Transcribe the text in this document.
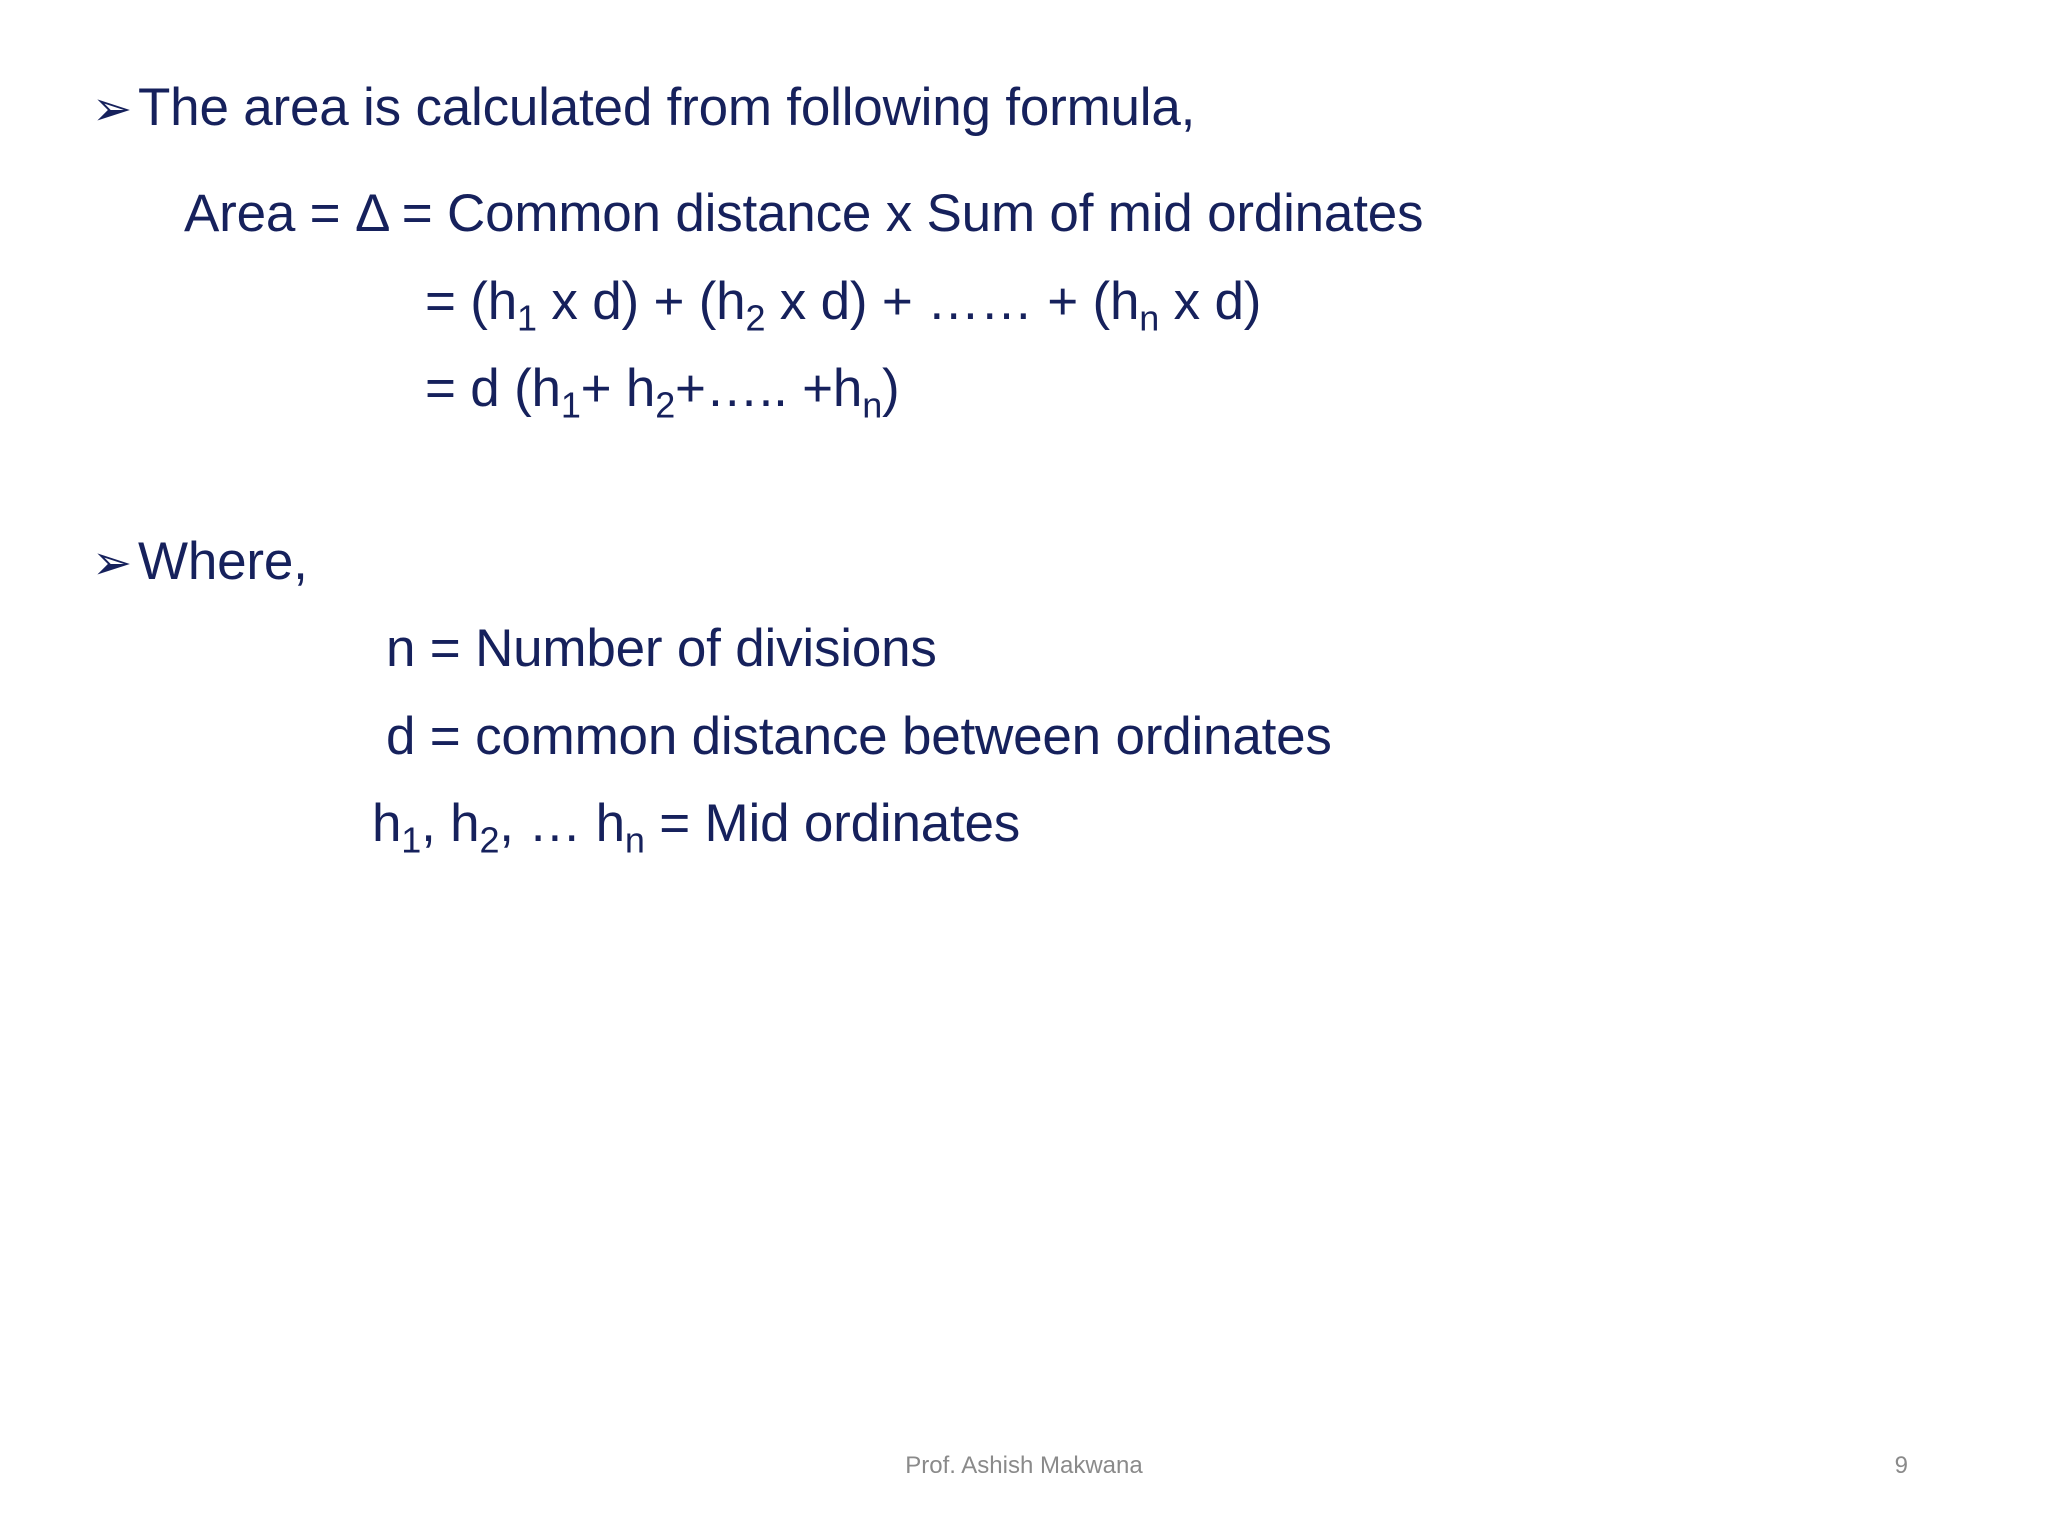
➢ The area is calculated from following formula,
Area = Δ = Common distance x Sum of mid ordinates
= ($h_1$ x $d) + (h_2$ x d) + …… + ($h_n$ x d)
= d ($h_1+$ $h_2+\dots$.. $+h_n$)
➢ Where,
n = Number of divisions
d = common distance between ordinates
$h_1$, $h_2$, … $h_n$ = Mid ordinates
Prof. Ashish Makwana	9
